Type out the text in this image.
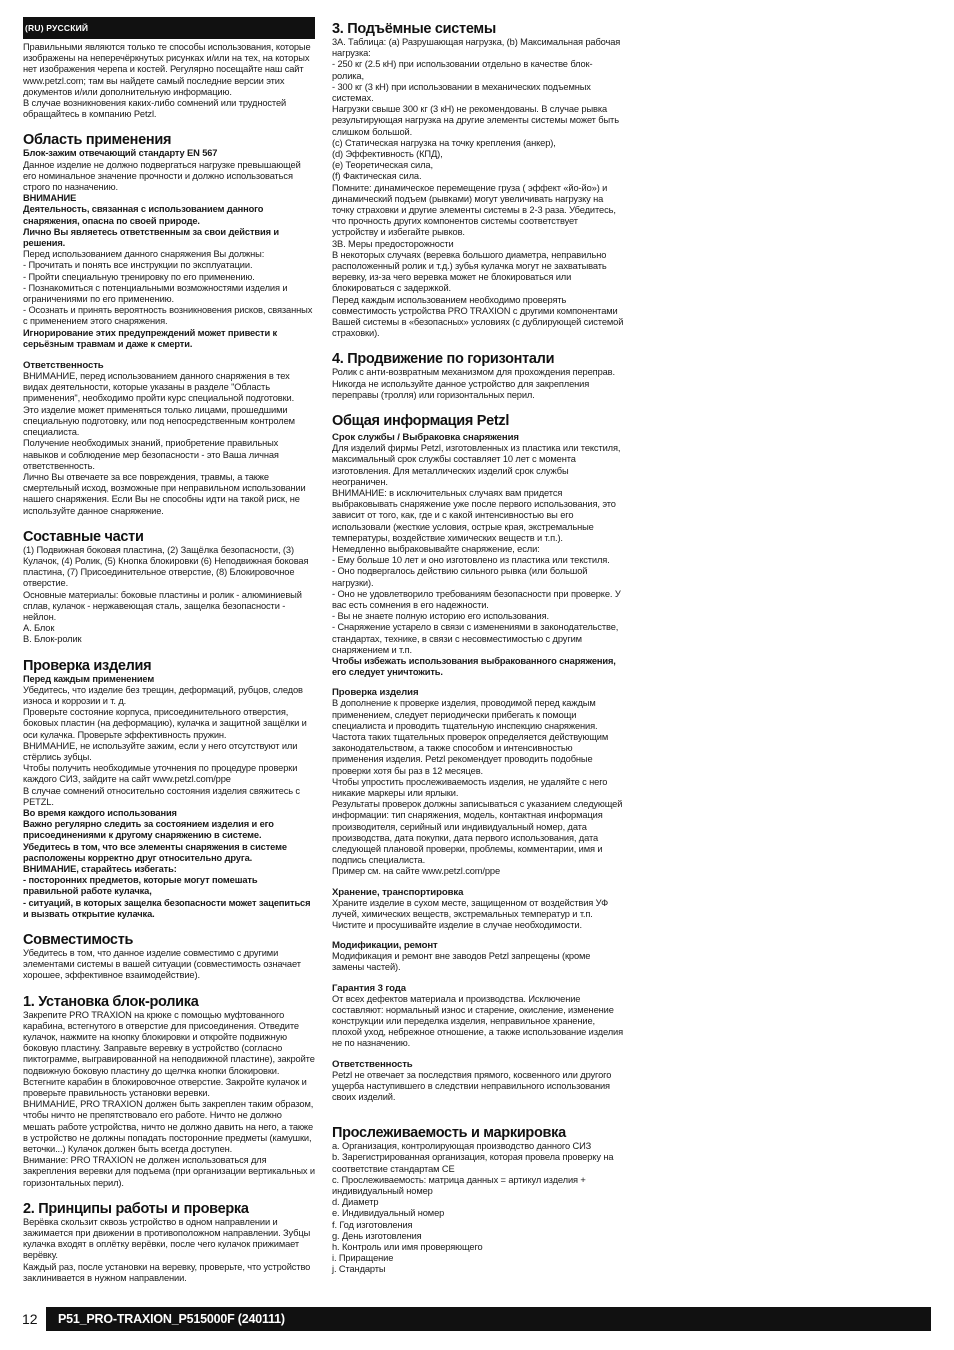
(RU) РУССКИЙ
Правильными являются только те способы использования, которые изображены на неперечёркнутых рисунках и/или на тех, на которых нет изображения черепа и костей. Регулярно посещайте наш сайт www.petzl.com; там вы найдете самый последние версии этих документов и/или дополнительную информацию.
В случае возникновения каких-либо сомнений или трудностей обращайтесь в компанию Petzl.
Область применения
Блок-зажим отвечающий стандарту EN 567
Данное изделие не должно подвергаться нагрузке превышающей его номинальное значение прочности и должно использоваться строго по назначению.
ВНИМАНИЕ
Деятельность, связанная с использованием данного снаряжения, опасна по своей природе.
Лично Вы являетесь ответственным за свои действия и решения.
Перед использованием данного снаряжения Вы должны:
- Прочитать и понять все инструкции по эксплуатации.
- Пройти специальную тренировку по его применению.
- Познакомиться с потенциальными возможностями изделия и ограничениями по его применению.
- Осознать и принять вероятность возникновения рисков, связанных с применением этого снаряжения.
Игнорирование этих предупреждений может привести к серьёзным травмам и даже к смерти.
Ответственность
ВНИМАНИЕ, перед использованием данного снаряжения в тех видах деятельности, которые указаны в разделе "Область применения", необходимо пройти курс специальной подготовки.
Это изделие может применяться только лицами, прошедшими специальную подготовку, или под непосредственным контролем специалиста.
Получение необходимых знаний, приобретение правильных навыков и соблюдение мер безопасности - это Ваша личная ответственность.
Лично Вы отвечаете за все повреждения, травмы, а также смертельный исход, возможные при неправильном использовании нашего снаряжения. Если Вы не способны идти на такой риск, не используйте данное снаряжение.
Составные части
(1) Подвижная боковая пластина, (2) Защёлка безопасности, (3) Кулачок, (4) Ролик, (5) Кнопка блокировки (6) Неподвижная боковая пластина, (7) Присоединительное отверстие, (8) Блокировочное отверстие.
Основные материалы: боковые пластины и ролик - алюминиевый сплав, кулачок - нержавеющая сталь, защелка безопасности - нейлон.
A. Блок
B. Блок-ролик
Проверка изделия
Перед каждым применением
Убедитесь, что изделие без трещин, деформаций, рубцов, следов износа и коррозии и т. д.
Проверьте состояние корпуса, присоединительного отверстия, боковых пластин (на деформацию), кулачка и защитной защёлки и оси кулачка. Проверьте эффективность пружин.
ВНИМАНИЕ, не используйте зажим, если у него отсутствуют или стёрлись зубцы.
Чтобы получить необходимые уточнения по процедуре проверки каждого СИЗ, зайдите на сайт www.petzl.com/ppe
В случае сомнений относительно состояния изделия свяжитесь с PETZL.
Во время каждого использования
Важно регулярно следить за состоянием изделия и его присоединениями к другому снаряжению в системе.
Убедитесь в том, что все элементы снаряжения в системе расположены корректно друг относительно друга.
ВНИМАНИЕ, старайтесь избегать:
- посторонних предметов, которые могут помешать правильной работе кулачка,
- ситуаций, в которых защелка безопасности может зацепиться и вызвать открытие кулачка.
Совместимость
Убедитесь в том, что данное изделие совместимо с другими элементами системы в вашей ситуации (совместимость означает хорошее, эффективное взаимодействие).
1. Установка блок-ролика
Закрепите PRO TRAXION на крюке с помощью муфтованного карабина, встегнутого в отверстие для присоединения. Отведите кулачок, нажмите на кнопку блокировки и откройте подвижную боковую пластину. Заправьте веревку в устройство (согласно пиктограмме, выгравированной на неподвижной пластине), закройте подвижную боковую пластину до щелчка кнопки блокировки. Встегните карабин в блокировочное отверстие. Закройте кулачок и проверьте правильность установки веревки.
ВНИМАНИЕ, PRO TRAXION должен быть закреплен таким образом, чтобы ничто не препятствовало его работе. Ничто не должно мешать работе устройства, ничто не должно давить на него, а также в устройство не должны попадать посторонние предметы (камушки, веточки...) Кулачок должен быть всегда доступен.
Внимание: PRO TRAXION не должен использоваться для закрепления веревки для подъема (при организации вертикальных и горизонтальных перил).
2. Принципы работы и проверка
Верёвка скользит сквозь устройство в одном направлении и зажимается при движении в противоположном направлении. Зубцы кулачка входят в оплётку верёвки, после чего кулачок прижимает верёвку.
Каждый раз, после установки на веревку, проверьте, что устройство заклинивается в нужном направлении.
3. Подъёмные системы
3A. Таблица: (a) Разрушающая нагрузка, (b) Максимальная рабочая нагрузка:
- 250 кг (2.5 кН) при использовании отдельно в качестве блок-ролика,
- 300 кг (3 кН) при использовании в механических подъемных системах.
Нагрузки свыше 300 кг (3 кН) не рекомендованы. В случае рывка результирующая нагрузка на другие элементы системы может быть слишком большой.
(c) Статическая нагрузка на точку крепления (анкер),
(d) Эффективность (КПД),
(e) Теоретическая сила,
(f) Фактическая сила.
Помните: динамическое перемещение груза ( эффект «йо-йо») и динамический подъем (рывками) могут увеличивать нагрузку на точку страховки и другие элементы системы в 2-3 раза. Убедитесь, что прочность других компонентов системы соответствует устройству и избегайте рывков.
3B. Меры предосторожности
В некоторых случаях (веревка большого диаметра, неправильно расположенный ролик и т.д.) зубья кулачка могут не захватывать веревку, из-за чего веревка может не блокироваться или блокироваться с задержкой.
Перед каждым использованием необходимо проверять совместимость устройства PRO TRAXION с другими компонентами Вашей системы в «безопасных» условиях (с дублирующей системой страховки).
4. Продвижение по горизонтали
Ролик с анти-возвратным механизмом для прохождения переправ.
Никогда не используйте данное устройство для закрепления переправы (тролля) или горизонтальных перил.
Общая информация Petzl
Срок службы / Выбраковка снаряжения
Для изделий фирмы Petzl, изготовленных из пластика или текстиля, максимальный срок службы составляет 10 лет с момента изготовления. Для металлических изделий срок службы неограничен.
ВНИМАНИЕ: в исключительных случаях вам придется выбраковывать снаряжение уже после первого использования, это зависит от того, как, где и с какой интенсивностью вы его использовали (жесткие условия, острые края, экстремальные температуры, воздействие химических веществ и т.п.).
Немедленно выбраковывайте снаряжение, если:
- Ему больше 10 лет и оно изготовлено из пластика или текстиля.
- Оно подвергалось действию сильного рывка (или большой нагрузки).
- Оно не удовлетворило требованиям безопасности при проверке. У вас есть сомнения в его надежности.
- Вы не знаете полную историю его использования.
- Снаряжение устарело в связи с изменениями в законодательстве, стандартах, технике, в связи с несовместимостью с другим снаряжением и т.п.
Чтобы избежать использования выбракованного снаряжения, его следует уничтожить.
Проверка изделия
В дополнение к проверке изделия, проводимой перед каждым применением, следует периодически прибегать к помощи специалиста и проводить тщательную инспекцию снаряжения. Частота таких тщательных проверок определяется действующим законодательством, а также способом и интенсивностью применения изделия. Petzl рекомендует проводить подобные проверки хотя бы раз в 12 месяцев.
Чтобы упростить прослеживаемость изделия, не удаляйте с него никакие маркеры или ярлыки.
Результаты проверок должны записываться с указанием следующей информации: тип снаряжения, модель, контактная информация производителя, серийный или индивидуальный номер, дата производства, дата покупки, дата первого использования, дата следующей плановой проверки, проблемы, комментарии, имя и подпись специалиста.
Пример см. на сайте www.petzl.com/ppe
Хранение, транспортировка
Храните изделие в сухом месте, защищенном от воздействия УФ лучей, химических веществ, экстремальных температур и т.п. Чистите и просушивайте изделие в случае необходимости.
Модификации, ремонт
Модификация и ремонт вне заводов Petzl запрещены (кроме замены частей).
Гарантия 3 года
От всех дефектов материала и производства. Исключение составляют: нормальный износ и старение, окисление, изменение конструкции или переделка изделия, неправильное хранение, плохой уход, небрежное отношение, а также использование изделия не по назначению.
Ответственность
Petzl не отвечает за последствия прямого, косвенного или другого ущерба наступившего в следствии неправильного использования своих изделий.
Прослеживаемость и маркировка
a. Организация, контролирующая производство данного СИЗ
b. Зарегистрированная организация, которая провела проверку на соответствие стандартам CE
c. Прослеживаемость: матрица данных = артикул изделия + индивидуальный номер
d. Диаметр
e. Индивидуальный номер
f. Год изготовления
g. День изготовления
h. Контроль или имя проверяющего
i. Приращение
j. Стандарты
12	P51_PRO-TRAXION_P515000F (240111)
